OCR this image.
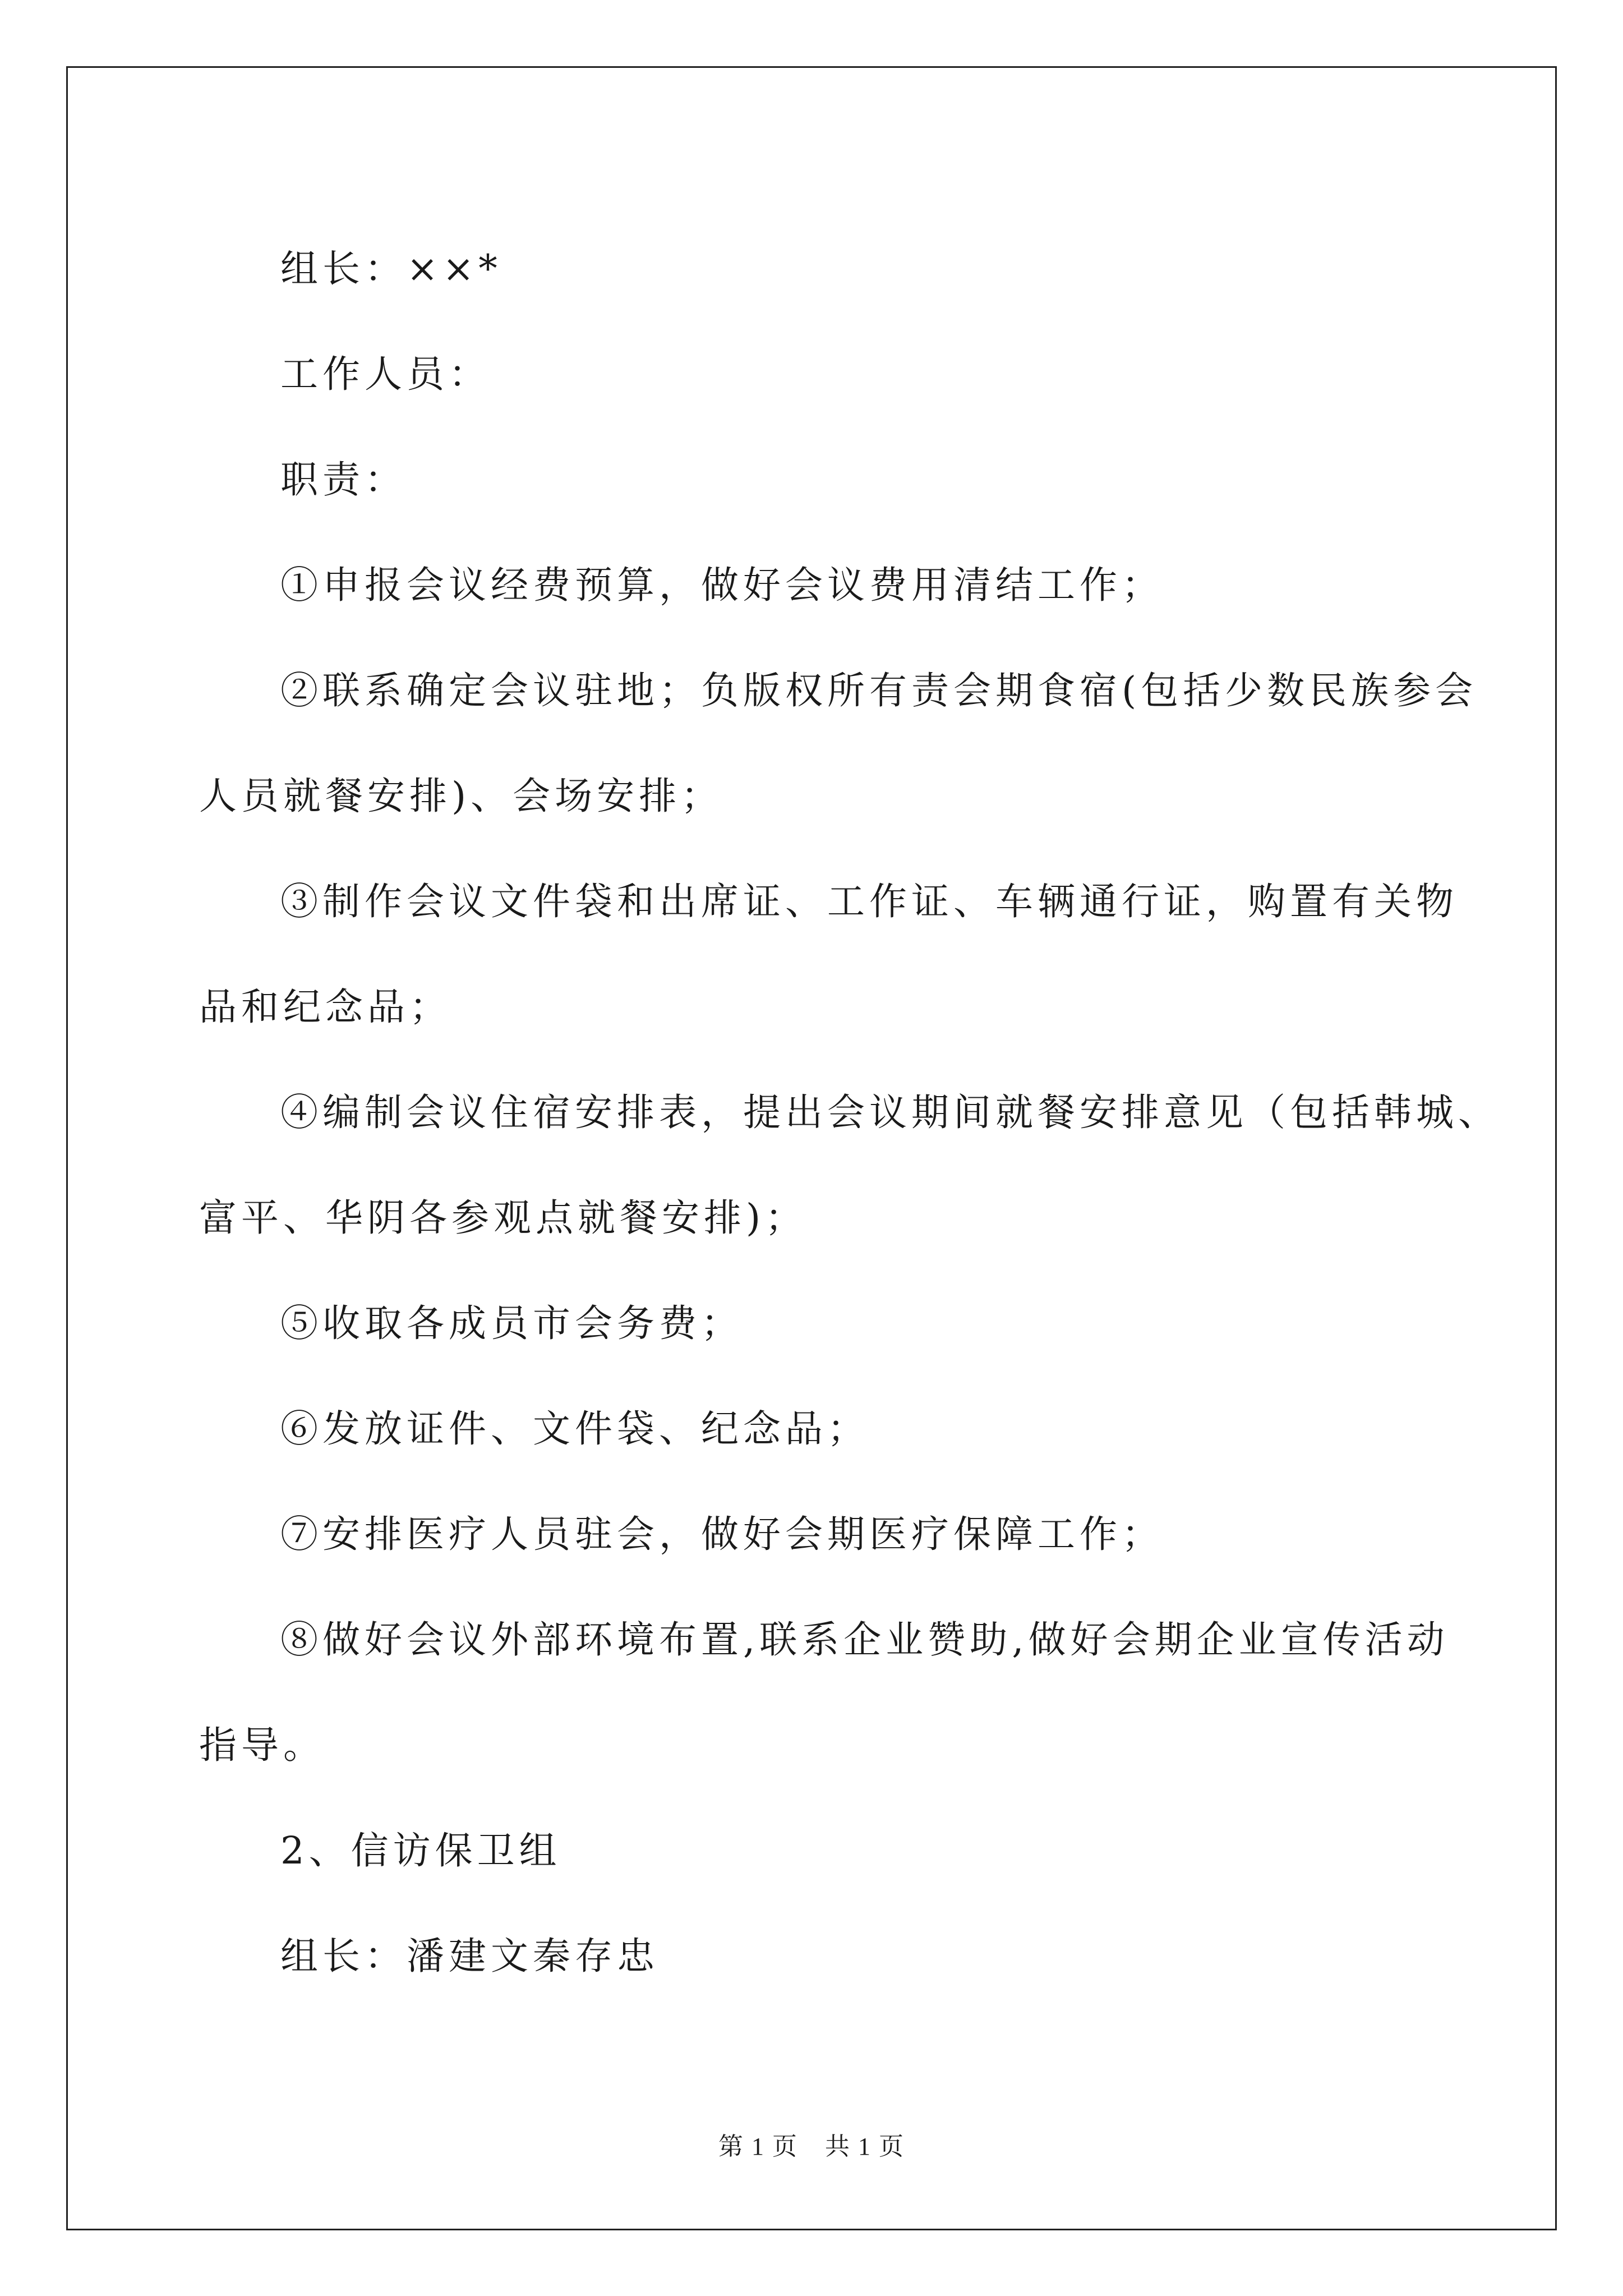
组长：××*

工作人员：

职责：

①申报会议经费预算，做好会议费用清结工作；

②联系确定会议驻地；负版权所有责会期食宿(包括少数民族参会

人员就餐安排)、会场安排；

③制作会议文件袋和出席证、工作证、车辆通行证，购置有关物

品和纪念品；

④编制会议住宿安排表，提出会议期间就餐安排意见（包括韩城、

富平、华阴各参观点就餐安排)；

⑤收取各成员市会务费；

⑥发放证件、文件袋、纪念品；

⑦安排医疗人员驻会，做好会期医疗保障工作；

⑧做好会议外部环境布置,联系企业赞助,做好会期企业宣传活动

指导。

2、信访保卫组

组长：潘建文秦存忠

第 1 页 共 1 页
